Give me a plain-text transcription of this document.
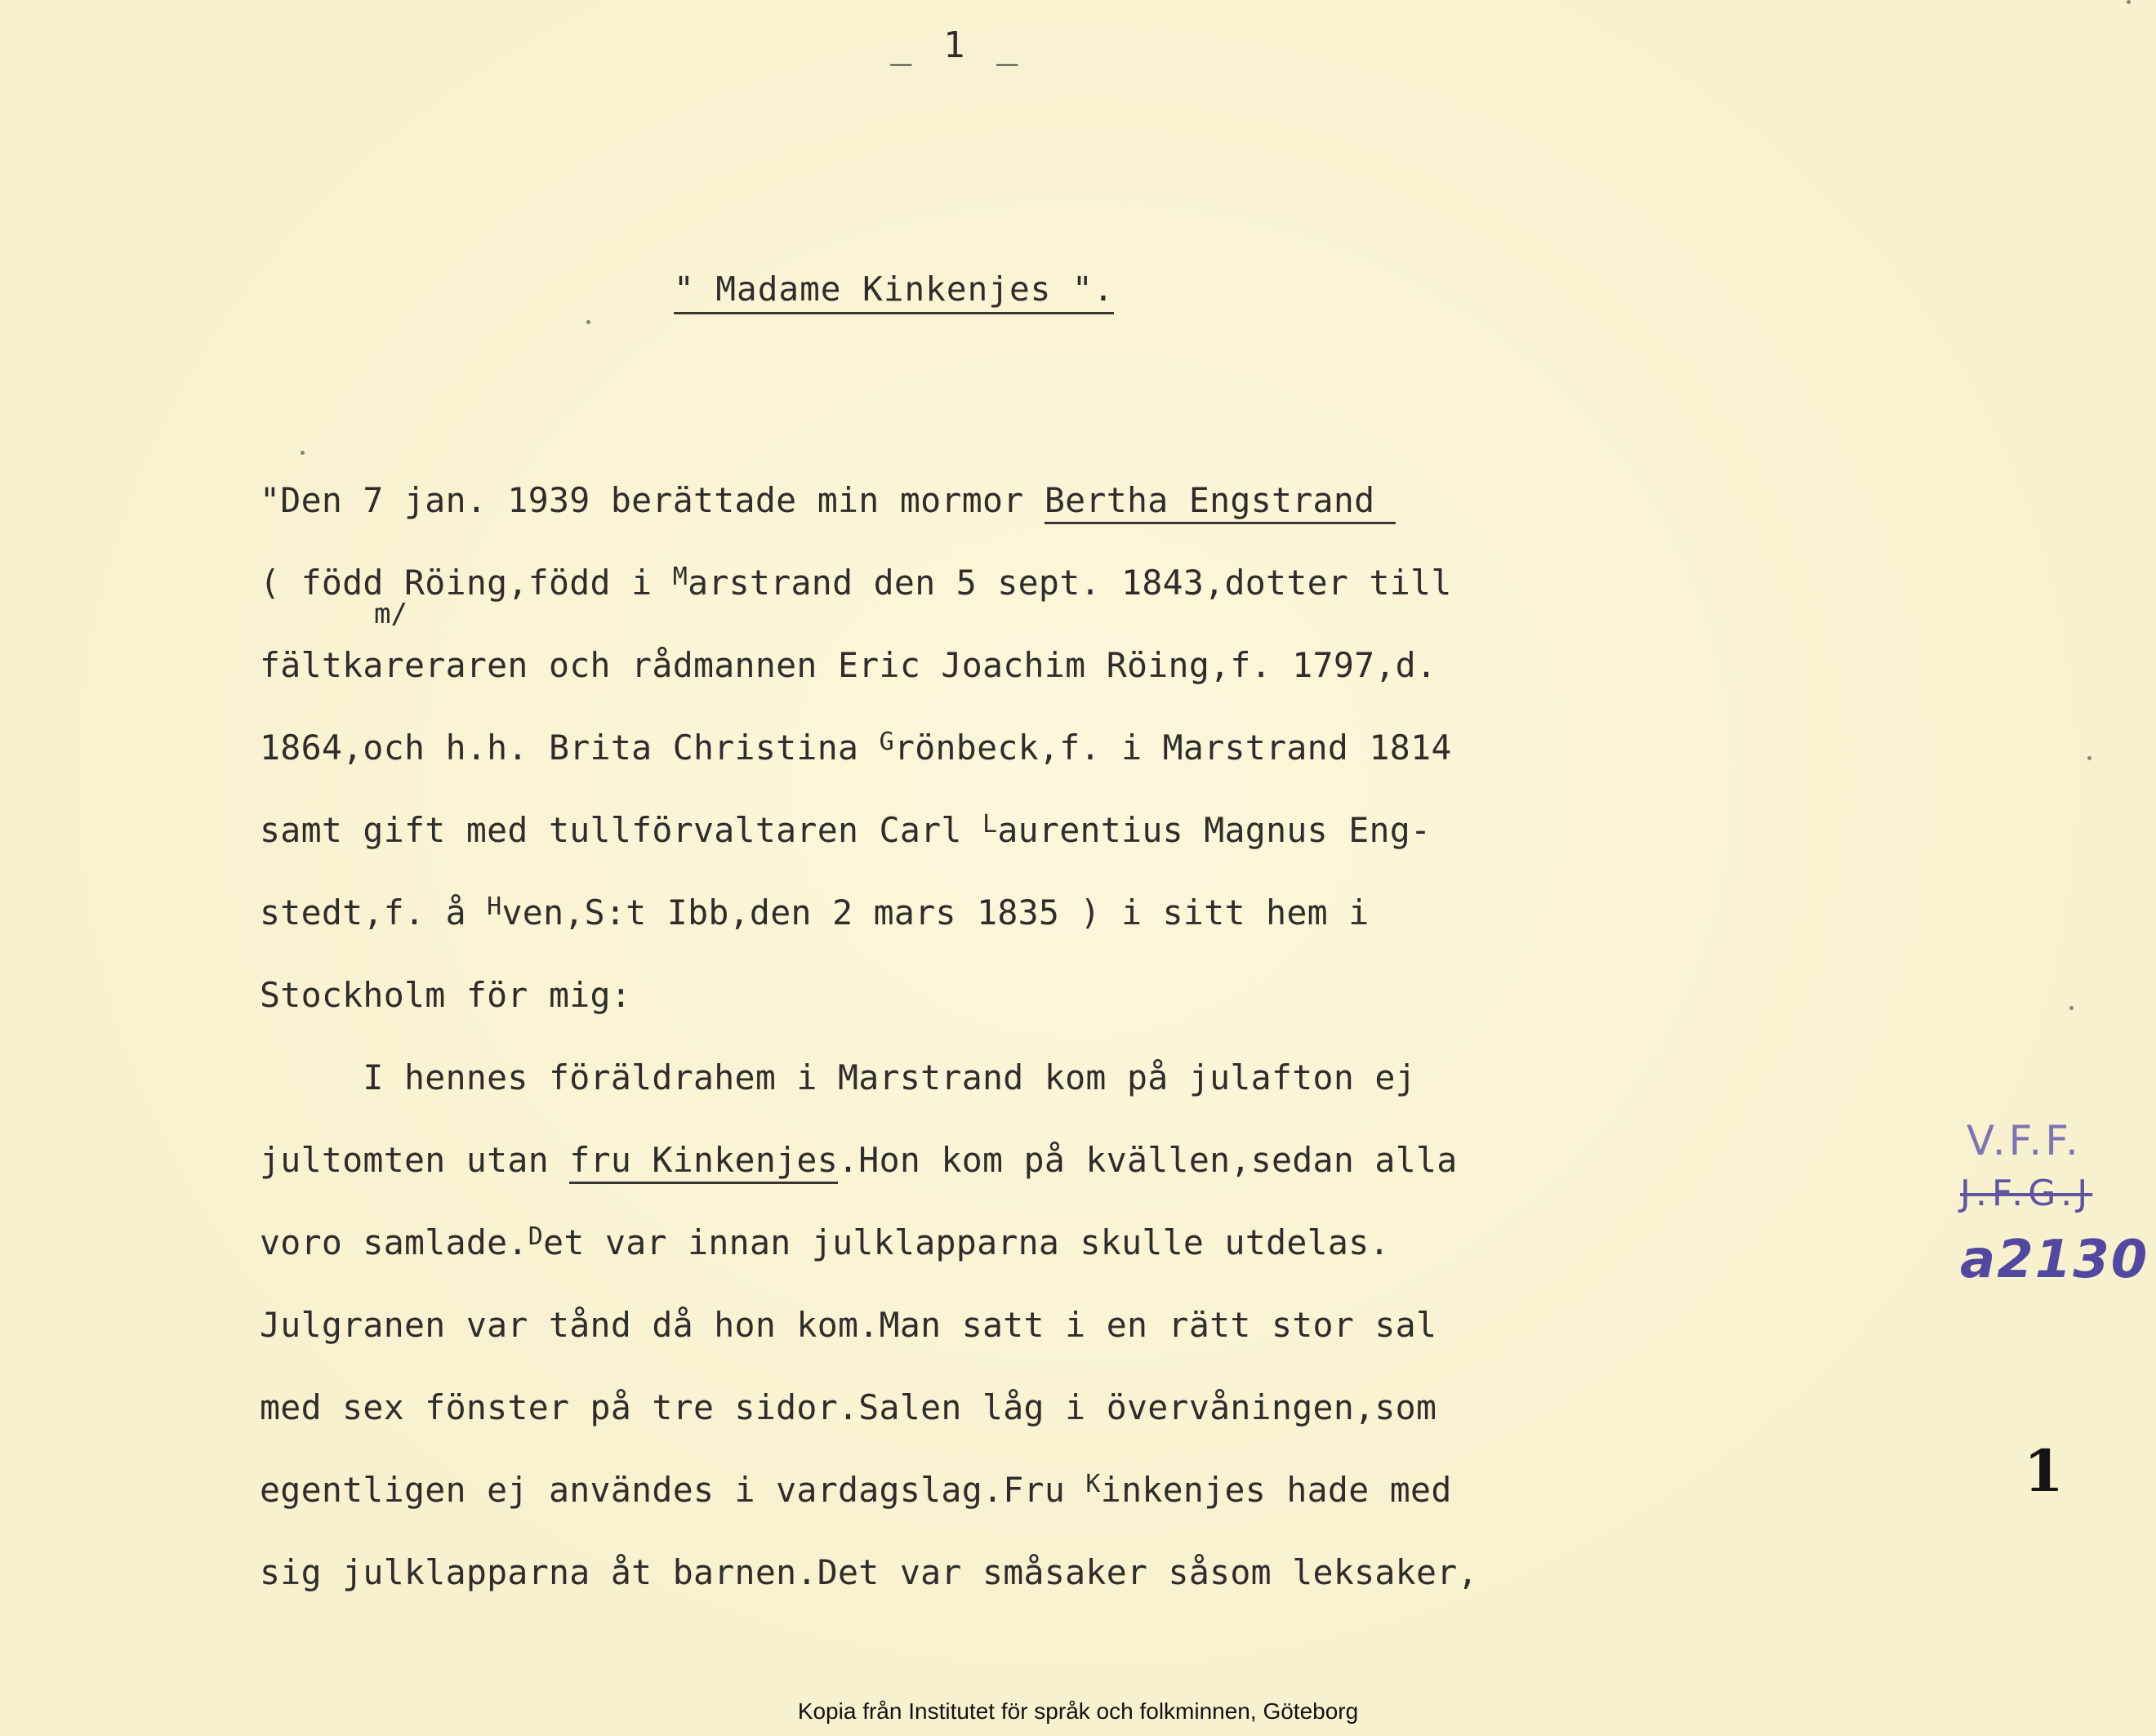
_ 1 _
" Madame Kinkenjes ".
"Den 7 jan. 1939 berättade min mormor Bertha Engstrand
( född Röing,född i $^M$arstrand den 5 sept. 1843,dotter till
fältkareraren och rådmannen Eric Joachim Röing,f. 1797,d.
1864,och h.h. Brita Christina $^G$rönbeck,f. i Marstrand 1814
samt gift med tullförvaltaren Carl $^L$aurentius Magnus Eng-
stedt,f. å $^H$ven,S:t Ibb,den 2 mars 1835 ) i sitt hem i
Stockholm för mig:
I hennes föräldrahem i Marstrand kom på julafton ej
jultomten utan fru Kinkenjes.Hon kom på kvällen,sedan alla
voro samlade.$^D$et var innan julklapparna skulle utdelas.
Julgranen var tånd då hon kom.Man satt i en rätt stor sal
med sex fönster på tre sidor.Salen låg i övervåningen,som
egentligen ej användes i vardagslag.Fru $^K$inkenjes hade med
sig julklapparna åt barnen.Det var småsaker såsom leksaker,
m/
V.F.F.
J.F.G.J
a2130
1
Kopia från Institutet för språk och folkminnen, Göteborg
